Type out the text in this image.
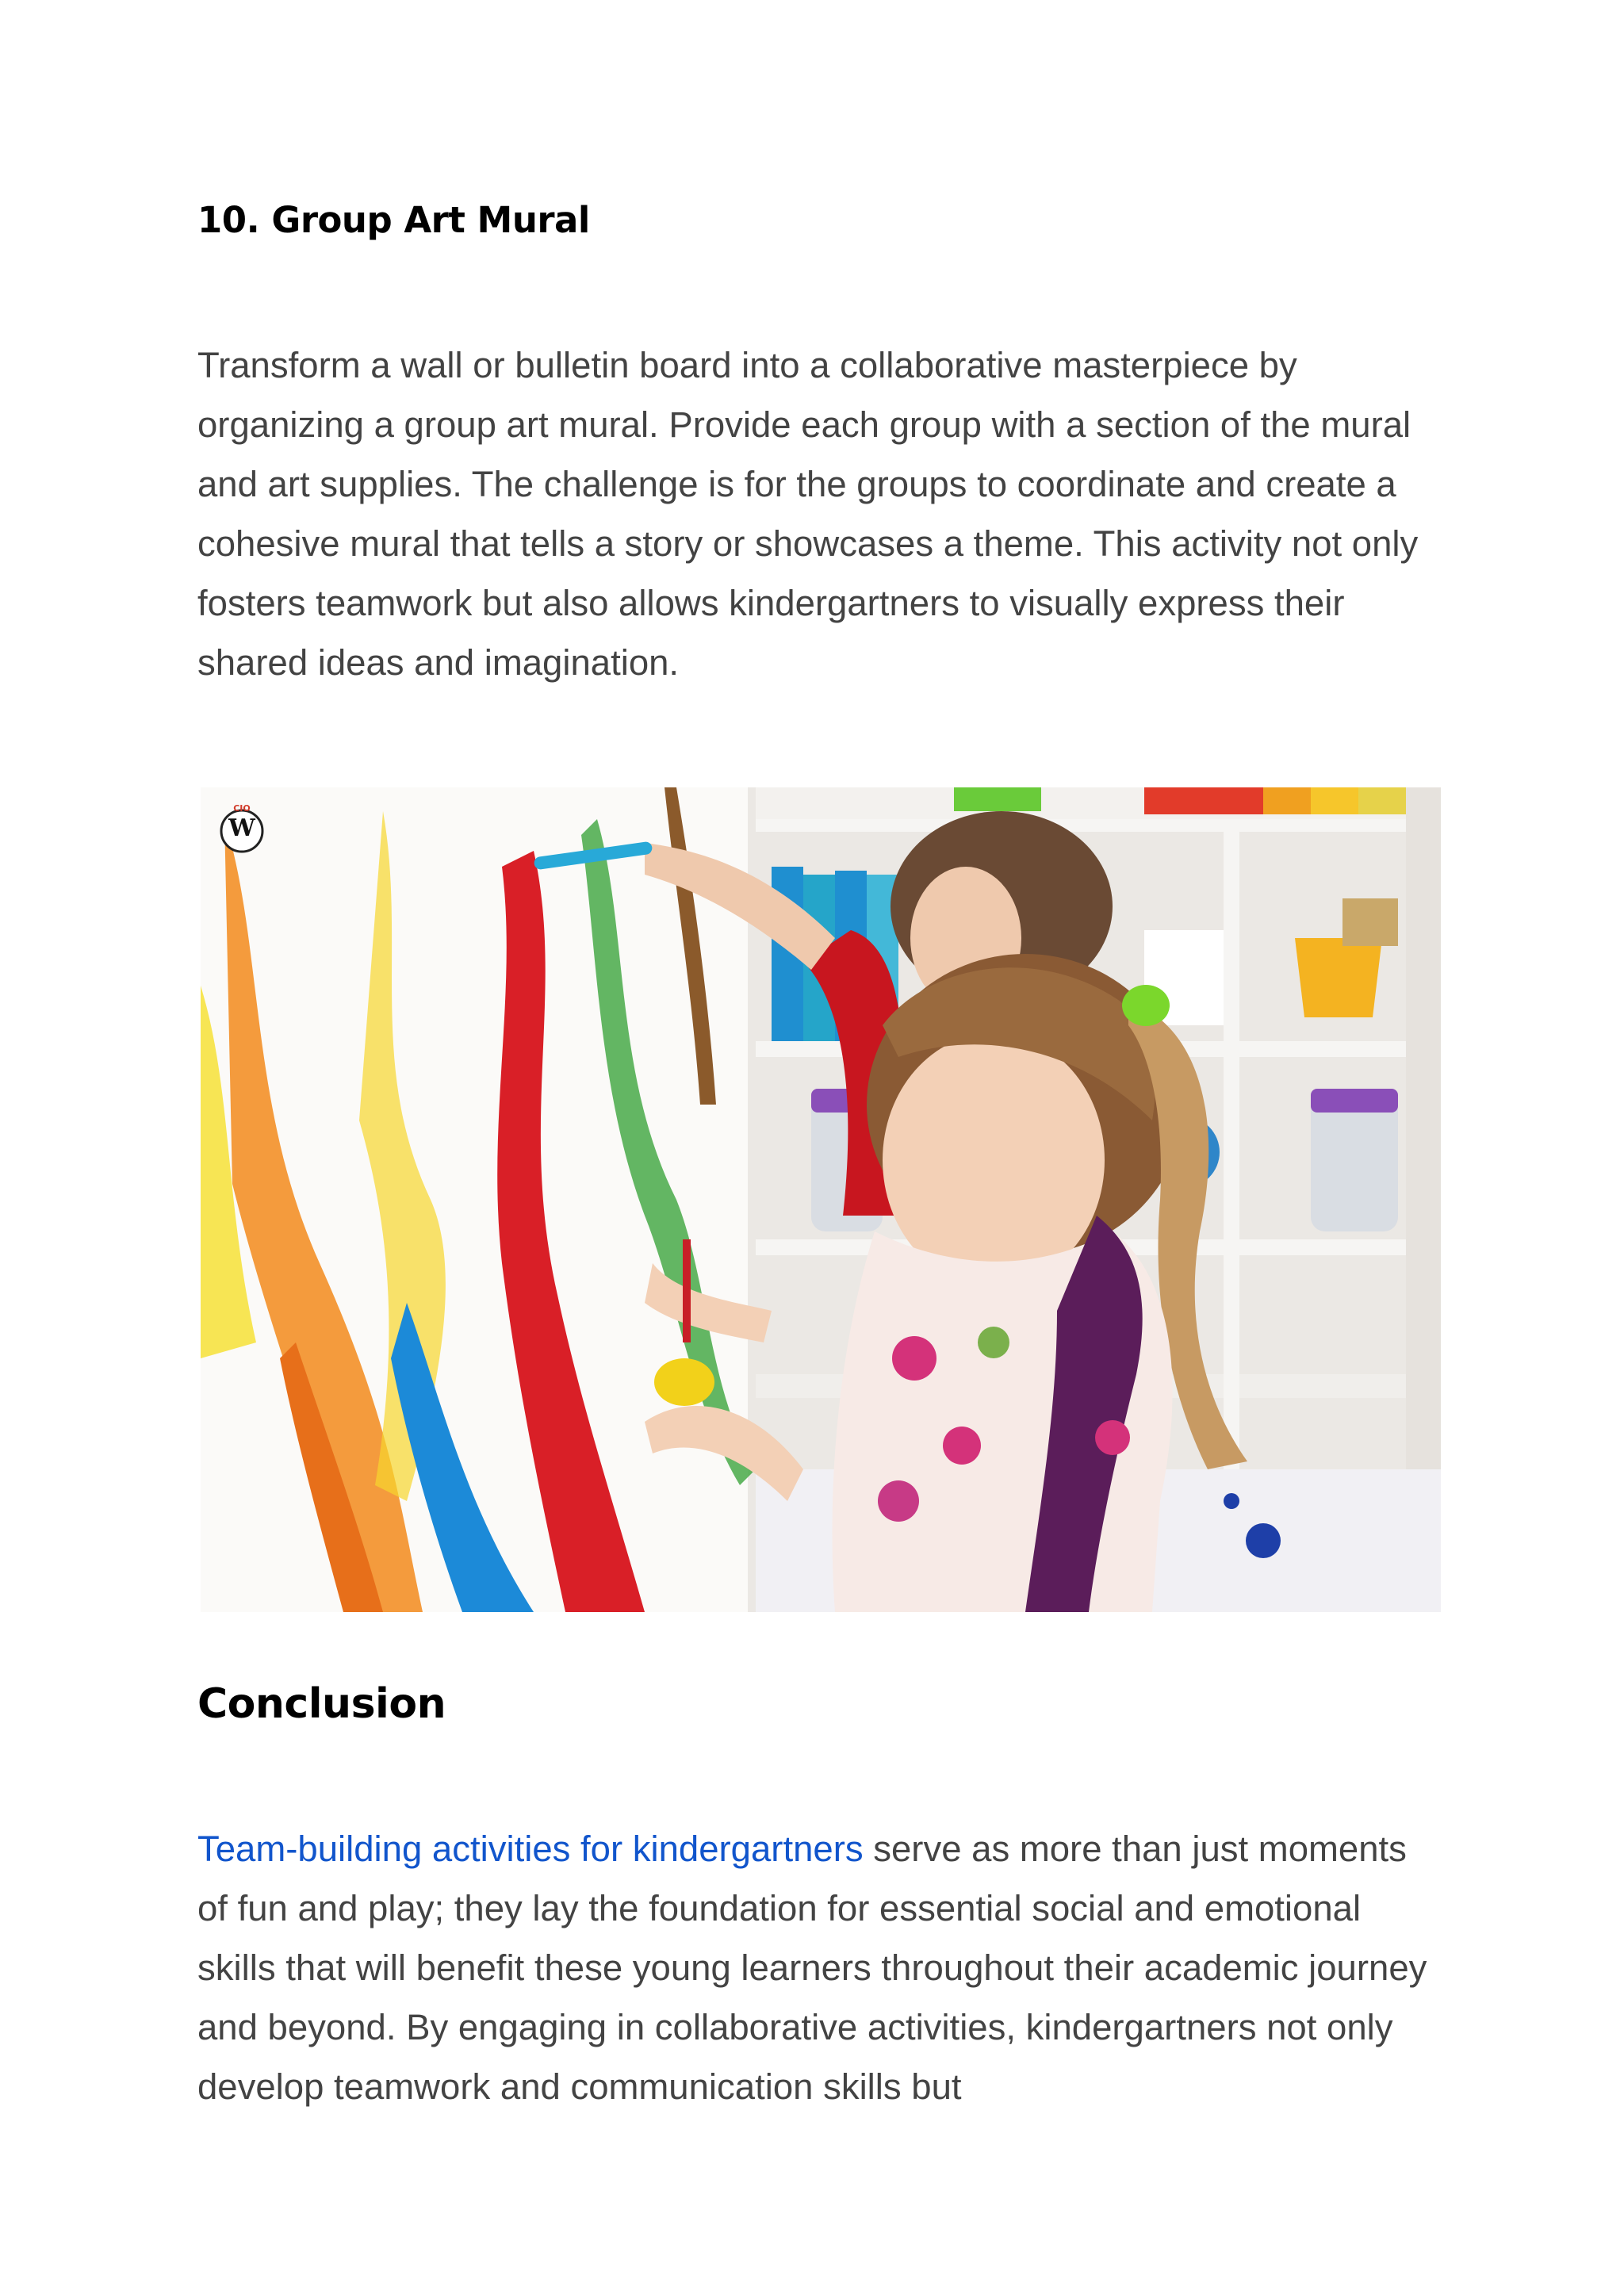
10. Group Art Mural

Transform a wall or bulletin board into a collaborative masterpiece by organizing a group art mural. Provide each group with a section of the mural and art supplies. The challenge is for the groups to coordinate and create a cohesive mural that tells a story or showcases a theme. This activity not only fosters teamwork but also allows kindergartners to visually express their shared ideas and imagination.

CIO
W
Conclusion

Team-building activities for kindergartners serve as more than just moments of fun and play; they lay the foundation for essential social and emotional skills that will benefit these young learners throughout their academic journey and beyond. By engaging in collaborative activities, kindergartners not only develop teamwork and communication skills but
